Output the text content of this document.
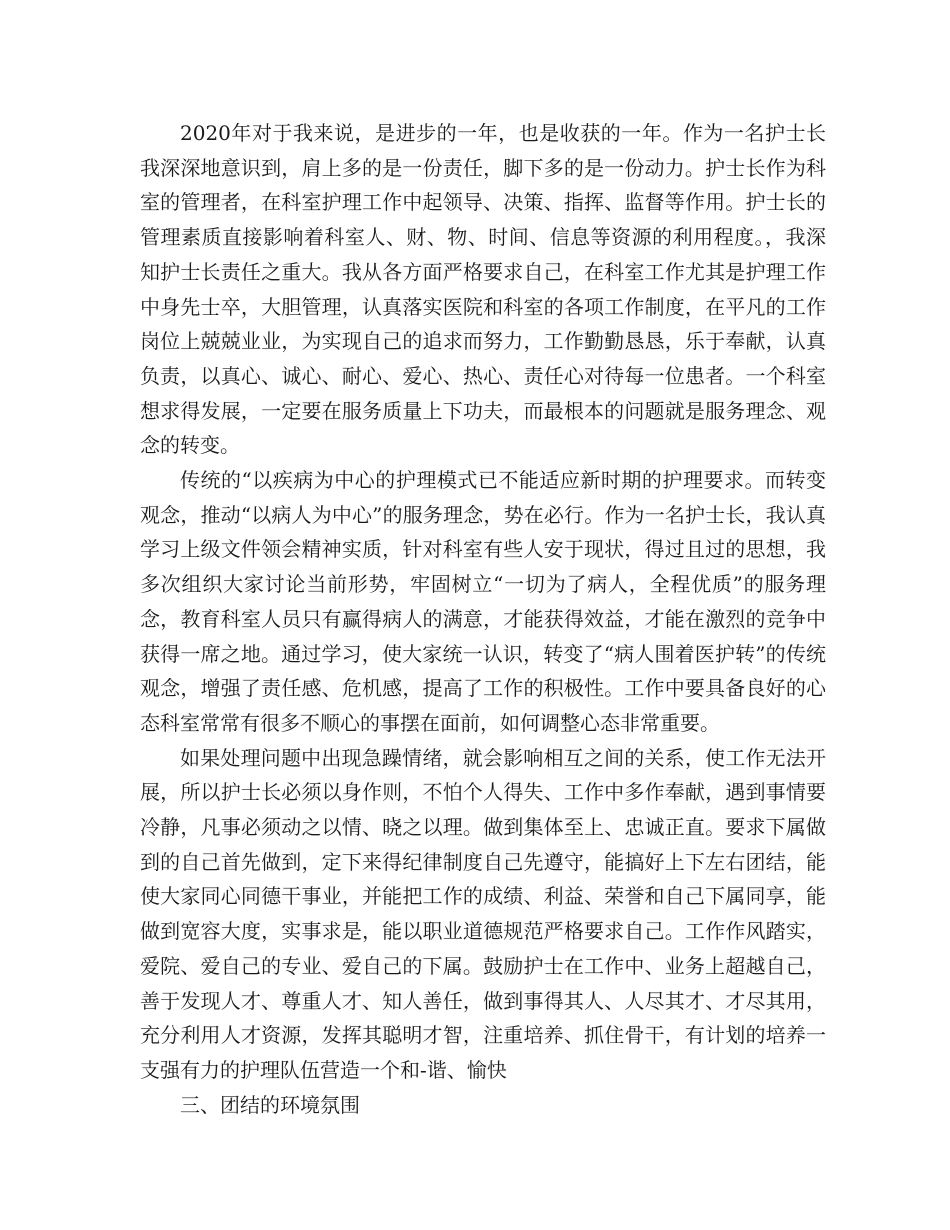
2020年对于我来说，是进步的一年，也是收获的一年。作为一名护士长我深深地意识到，肩上多的是一份责任，脚下多的是一份动力。护士长作为科室的管理者，在科室护理工作中起领导、决策、指挥、监督等作用。护士长的管理素质直接影响着科室人、财、物、时间、信息等资源的利用程度。，我深知护士长责任之重大。我从各方面严格要求自己，在科室工作尤其是护理工作中身先士卒，大胆管理，认真落实医院和科室的各项工作制度，在平凡的工作岗位上兢兢业业，为实现自己的追求而努力，工作勤勤恳恳，乐于奉献，认真负责，以真心、诚心、耐心、爱心、热心、责任心对待每一位患者。一个科室想求得发展，一定要在服务质量上下功夫，而最根本的问题就是服务理念、观念的转变。

传统的“以疾病为中心的护理模式已不能适应新时期的护理要求。而转变观念，推动“以病人为中心”的服务理念，势在必行。作为一名护士长，我认真学习上级文件领会精神实质，针对科室有些人安于现状，得过且过的思想，我多次组织大家讨论当前形势，牢固树立“一切为了病人，全程优质”的服务理念，教育科室人员只有赢得病人的满意，才能获得效益，才能在激烈的竞争中获得一席之地。通过学习，使大家统一认识，转变了“病人围着医护转”的传统观念，增强了责任感、危机感，提高了工作的积极性。工作中要具备良好的心态科室常常有很多不顺心的事摆在面前，如何调整心态非常重要。

如果处理问题中出现急躁情绪，就会影响相互之间的关系，使工作无法开展，所以护士长必须以身作则，不怕个人得失、工作中多作奉献，遇到事情要冷静，凡事必须动之以情、晓之以理。做到集体至上、忠诚正直。要求下属做到的自己首先做到，定下来得纪律制度自己先遵守，能搞好上下左右团结，能使大家同心同德干事业，并能把工作的成绩、利益、荣誉和自己下属同享，能做到宽容大度，实事求是，能以职业道德规范严格要求自己。工作作风踏实，爱院、爱自己的专业、爱自己的下属。鼓励护士在工作中、业务上超越自己，善于发现人才、尊重人才、知人善任，做到事得其人、人尽其才、才尽其用，充分利用人才资源，发挥其聪明才智，注重培养、抓住骨干，有计划的培养一支强有力的护理队伍营造一个和-谐、愉快

三、团结的环境氛围
